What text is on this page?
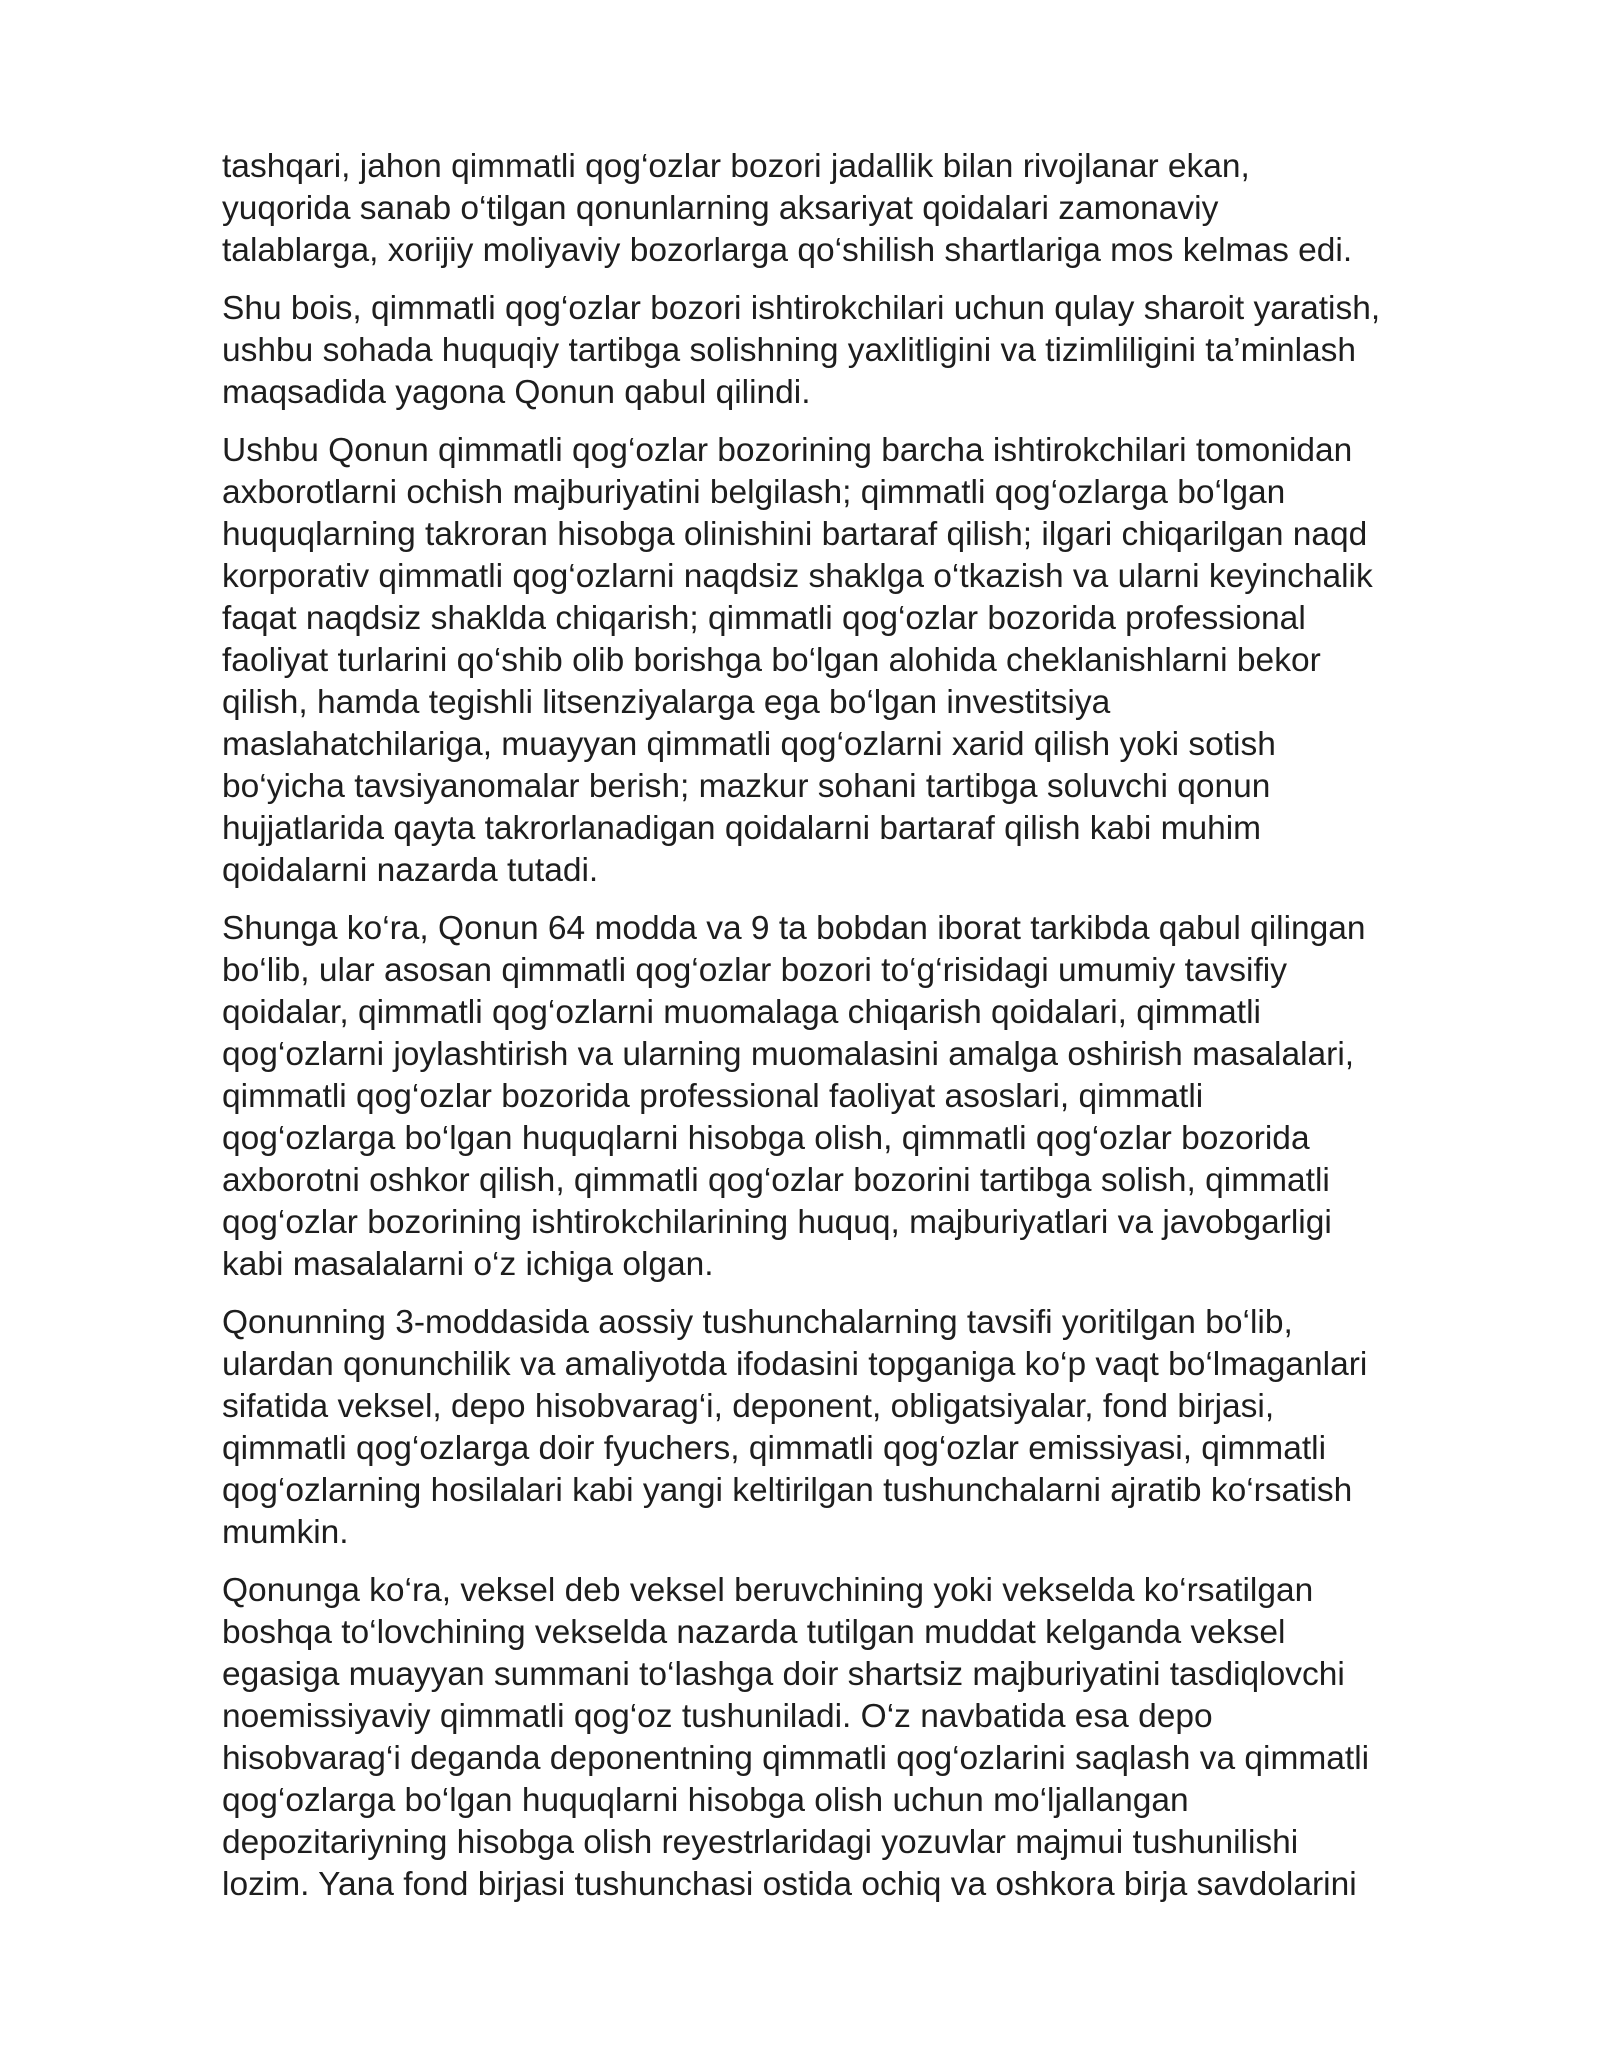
tashqari, jahon qimmatli qog‘ozlar bozori jadallik bilan rivojlanar ekan,
yuqorida sanab o‘tilgan qonunlarning aksariyat qoidalari zamonaviy
talablarga, xorijiy moliyaviy bozorlarga qo‘shilish shartlariga mos kelmas edi.

Shu bois, qimmatli qog‘ozlar bozori ishtirokchilari uchun qulay sharoit yaratish,
ushbu sohada huquqiy tartibga solishning yaxlitligini va tizimliligini ta’minlash
maqsadida yagona Qonun qabul qilindi.

Ushbu Qonun qimmatli qog‘ozlar bozorining barcha ishtirokchilari tomonidan
axborotlarni ochish majburiyatini belgilash; qimmatli qog‘ozlarga bo‘lgan
huquqlarning takroran hisobga olinishini bartaraf qilish; ilgari chiqarilgan naqd
korporativ qimmatli qog‘ozlarni naqdsiz shaklga o‘tkazish va ularni keyinchalik
faqat naqdsiz shaklda chiqarish; qimmatli qog‘ozlar bozorida professional
faoliyat turlarini qo‘shib olib borishga bo‘lgan alohida cheklanishlarni bekor
qilish, hamda tegishli litsenziyalarga ega bo‘lgan investitsiya
maslahatchilariga, muayyan qimmatli qog‘ozlarni xarid qilish yoki sotish
bo‘yicha tavsiyanomalar berish; mazkur sohani tartibga soluvchi qonun
hujjatlarida qayta takrorlanadigan qoidalarni bartaraf qilish kabi muhim
qoidalarni nazarda tutadi.

Shunga ko‘ra, Qonun 64 modda va 9 ta bobdan iborat tarkibda qabul qilingan
bo‘lib, ular asosan qimmatli qog‘ozlar bozori to‘g‘risidagi umumiy tavsifiy
qoidalar, qimmatli qog‘ozlarni muomalaga chiqarish qoidalari, qimmatli
qog‘ozlarni joylashtirish va ularning muomalasini amalga oshirish masalalari,
qimmatli qog‘ozlar bozorida professional faoliyat asoslari, qimmatli
qog‘ozlarga bo‘lgan huquqlarni hisobga olish, qimmatli qog‘ozlar bozorida
axborotni oshkor qilish, qimmatli qog‘ozlar bozorini tartibga solish, qimmatli
qog‘ozlar bozorining ishtirokchilarining huquq, majburiyatlari va javobgarligi
kabi masalalarni o‘z ichiga olgan.

Qonunning 3-moddasida aossiy tushunchalarning tavsifi yoritilgan bo‘lib,
ulardan qonunchilik va amaliyotda ifodasini topganiga ko‘p vaqt bo‘lmaganlari
sifatida veksel, depo hisobvarag‘i, deponent, obligatsiyalar, fond birjasi,
qimmatli qog‘ozlarga doir fyuchers, qimmatli qog‘ozlar emissiyasi, qimmatli
qog‘ozlarning hosilalari kabi yangi keltirilgan tushunchalarni ajratib ko‘rsatish
mumkin.

Qonunga ko‘ra, veksel deb veksel beruvchining yoki vekselda ko‘rsatilgan
boshqa to‘lovchining vekselda nazarda tutilgan muddat kelganda veksel
egasiga muayyan summani to‘lashga doir shartsiz majburiyatini tasdiqlovchi
noemissiyaviy qimmatli qog‘oz tushuniladi. O‘z navbatida esa depo
hisobvarag‘i deganda deponentning qimmatli qog‘ozlarini saqlash va qimmatli
qog‘ozlarga bo‘lgan huquqlarni hisobga olish uchun mo‘ljallangan
depozitariyning hisobga olish reyestrlaridagi yozuvlar majmui tushunilishi
lozim. Yana fond birjasi tushunchasi ostida ochiq va oshkora birja savdolarini
